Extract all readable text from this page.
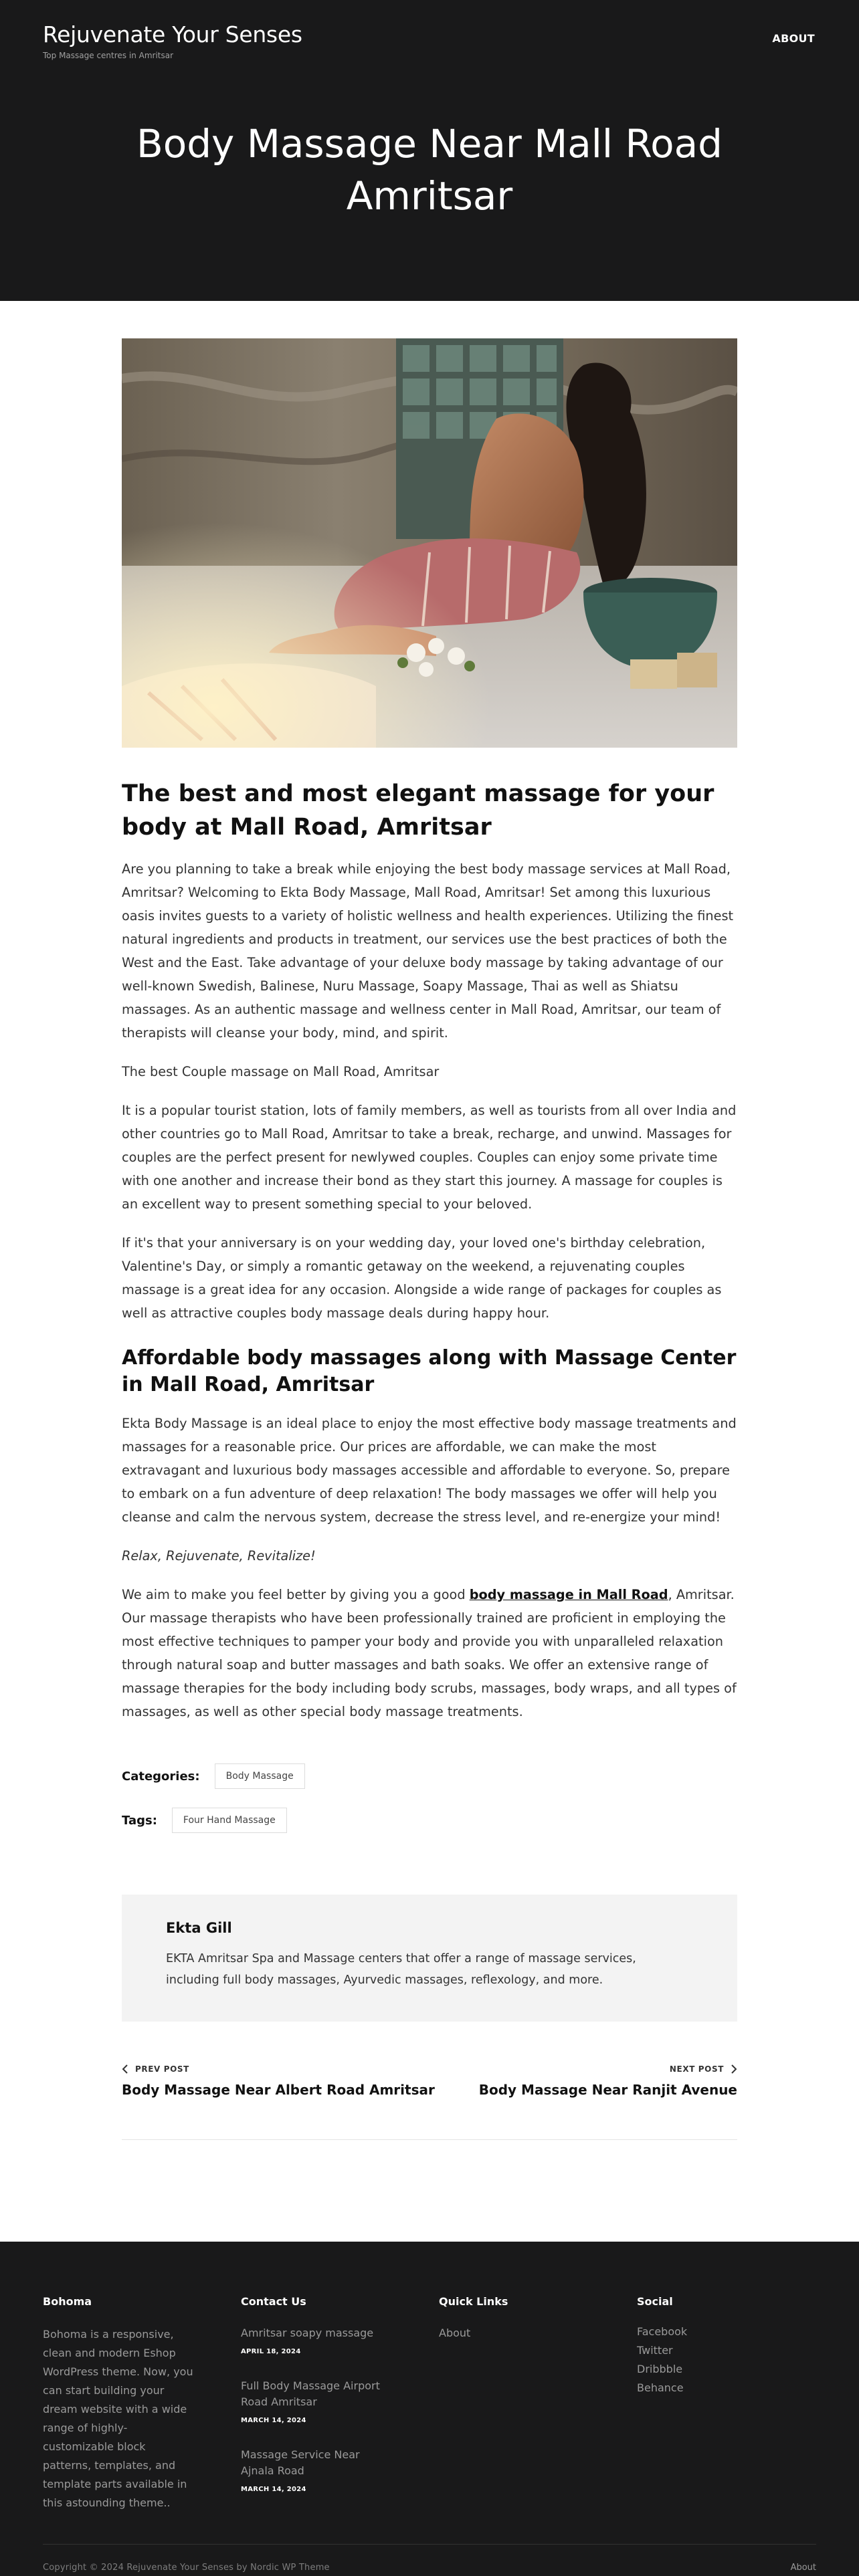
Rejuvenate Your Senses
Top Massage centres in Amritsar
ABOUT
Body Massage Near Mall Road Amritsar
The best and most elegant massage for your body at Mall Road, Amritsar

Are you planning to take a break while enjoying the best body massage services at Mall Road, Amritsar? Welcoming to Ekta Body Massage, Mall Road, Amritsar! Set among this luxurious oasis invites guests to a variety of holistic wellness and health experiences. Utilizing the finest natural ingredients and products in treatment, our services use the best practices of both the West and the East. Take advantage of your deluxe body massage by taking advantage of our well-known Swedish, Balinese, Nuru Massage, Soapy Massage, Thai as well as Shiatsu massages. As an authentic massage and wellness center in Mall Road, Amritsar, our team of therapists will cleanse your body, mind, and spirit.

The best Couple massage on Mall Road, Amritsar

It is a popular tourist station, lots of family members, as well as tourists from all over India and other countries go to Mall Road, Amritsar to take a break, recharge, and unwind. Massages for couples are the perfect present for newlywed couples. Couples can enjoy some private time with one another and increase their bond as they start this journey. A massage for couples is an excellent way to present something special to your beloved.

If it's that your anniversary is on your wedding day, your loved one's birthday celebration, Valentine's Day, or simply a romantic getaway on the weekend, a rejuvenating couples massage is a great idea for any occasion. Alongside a wide range of packages for couples as well as attractive couples body massage deals during happy hour.

Affordable body massages along with Massage Center in Mall Road, Amritsar

Ekta Body Massage is an ideal place to enjoy the most effective body massage treatments and massages for a reasonable price. Our prices are affordable, we can make the most extravagant and luxurious body massages accessible and affordable to everyone. So, prepare to embark on a fun adventure of deep relaxation! The body massages we offer will help you cleanse and calm the nervous system, decrease the stress level, and re-energize your mind!

Relax, Rejuvenate, Revitalize!

We aim to make you feel better by giving you a good body massage in Mall Road, Amritsar. Our massage therapists who have been professionally trained are proficient in employing the most effective techniques to pamper your body and provide you with unparalleled relaxation through natural soap and butter massages and bath soaks. We offer an extensive range of massage therapies for the body including body scrubs, massages, body wraps, and all types of massages, as well as other special body massage treatments.

Categories:	Body Massage
Tags:	Four Hand Massage
Ekta Gill
EKTA Amritsar Spa and Massage centers that offer a range of massage services, including full body massages, Ayurvedic massages, reflexology, and more.
PREV POST
Body Massage Near Albert Road Amritsar
NEXT POST
Body Massage Near Ranjit Avenue
Bohoma
Bohoma is a responsive, clean and modern Eshop WordPress theme. Now, you can start building your dream website with a wide range of highly-customizable block patterns, templates, and template parts available in this astounding theme..
Contact Us
Amritsar soapy massage
APRIL 18, 2024
Full Body Massage Airport Road Amritsar
MARCH 14, 2024
Massage Service Near Ajnala Road
MARCH 14, 2024
Quick Links
About
Social
Facebook
Twitter
Dribbble
Behance
Copyright © 2024 Rejuvenate Your Senses by Nordic WP Theme	About
